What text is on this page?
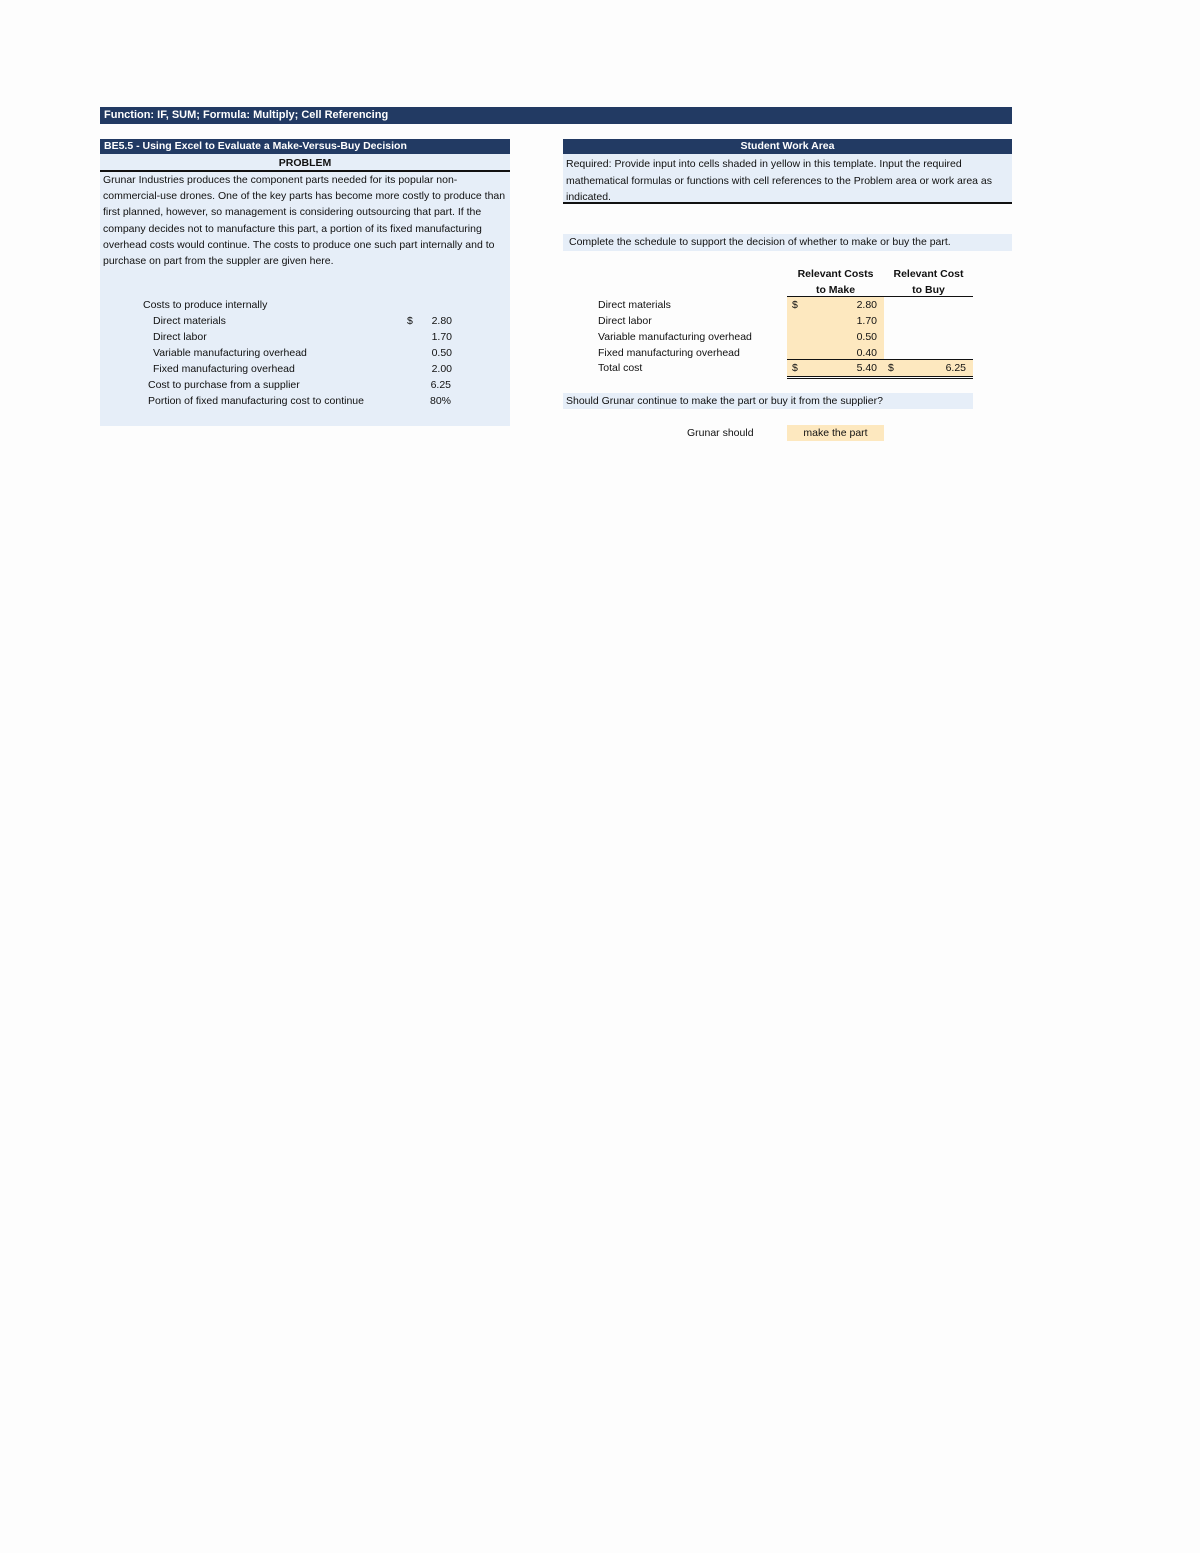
Function: IF, SUM; Formula: Multiply; Cell Referencing
BE5.5 - Using Excel to Evaluate a Make-Versus-Buy Decision
PROBLEM
Grunar Industries produces the component parts needed for its popular non-commercial-use drones. One of the key parts has become more costly to produce than first planned, however, so management is considering outsourcing that part. If the company decides not to manufacture this part, a portion of its fixed manufacturing overhead costs would continue. The costs to produce one such part internally and to purchase on part from the suppler are given here.
Costs to produce internally
Direct materials	$ 2.80
Direct labor	1.70
Variable manufacturing overhead	0.50
Fixed manufacturing overhead	2.00
Cost to purchase from a supplier	6.25
Portion of fixed manufacturing cost to continue	80%
Student Work Area
Required: Provide input into cells shaded in yellow in this template. Input the required mathematical formulas or functions with cell references to the Problem area or work area as indicated.
Complete the schedule to support the decision of whether to make or buy the part.
Relevant Costs
to Make
Relevant Cost
to Buy
Direct materials	$	2.80
Direct labor	1.70
Variable manufacturing overhead	0.50
Fixed manufacturing overhead	0.40
Total cost	$	5.40 $	6.25
Should Grunar continue to make the part or buy it from the supplier?
Grunar should	make the part
